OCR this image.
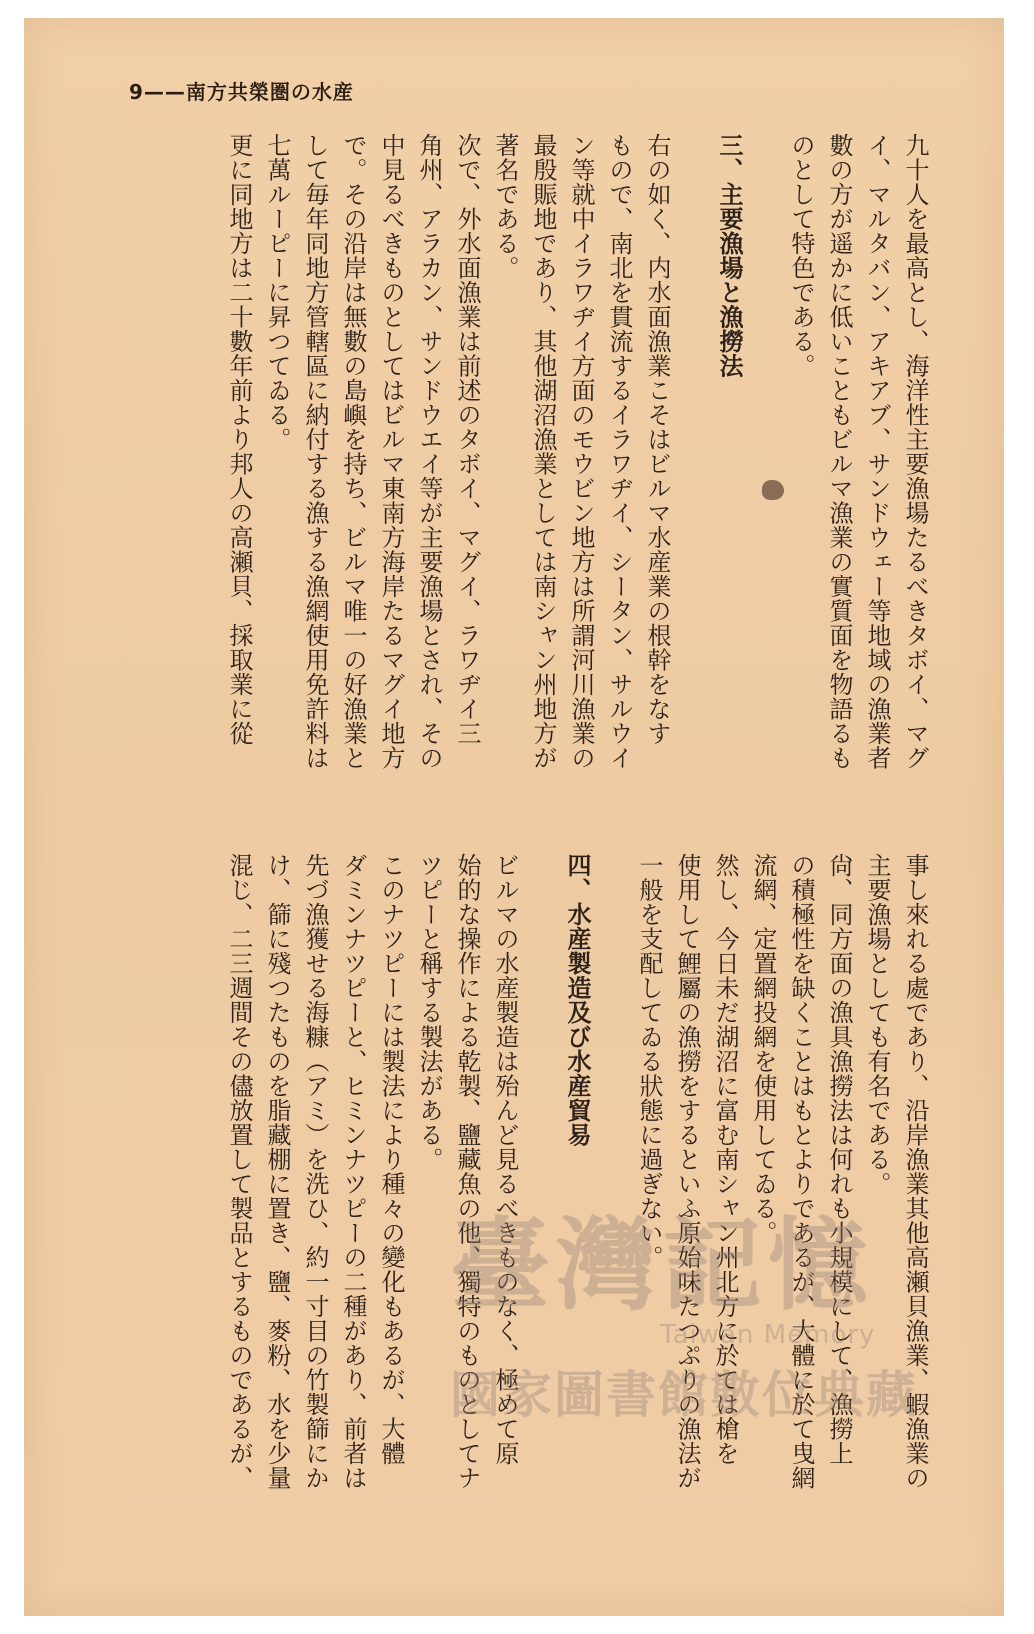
9——南方共榮圏の水産
九十人を最高とし、海洋性主要漁場たるべきタボイ、マグ
イ、マルタバン、アキアブ、サンドウェー等地域の漁業者
數の方が遥かに低いこともビルマ漁業の實質面を物語るも
のとして特色である。
三、主要漁場と漁撈法
右の如く、内水面漁業こそはビルマ水産業の根幹をなす
もので、南北を貫流するイラワヂイ、シータン、サルウイ
ン等就中イラワヂイ方面のモウビン地方は所謂河川漁業の
最殷賑地であり、其他湖沼漁業としては南シャン州地方が
著名である。
次で、外水面漁業は前述のタボイ、マグイ、ラワヂイ三
角州、アラカン、サンドウエイ等が主要漁場とされ、その
中見るべきものとしてはビルマ東南方海岸たるマグイ地方
で。その沿岸は無數の島嶼を持ち、ビルマ唯一の好漁業と
して毎年同地方管轄區に納付する漁する漁網使用免許料は
七萬ルーピーに昇つてゐる。
更に同地方は二十數年前より邦人の高瀬貝、採取業に從
事し來れる處であり、沿岸漁業其他高瀬貝漁業、蝦漁業の
主要漁場としても有名である。
尙、同方面の漁具漁撈法は何れも小規模にして、漁撈上
の積極性を缺くことはもとよりであるが、大體に於て曳網
流網、定置網投網を使用してゐる。
然し、今日未だ湖沼に富む南シャン州北方に於ては槍を
使用して鯉屬の漁撈をするといふ原始味たつぷりの漁法が
一般を支配してゐる狀態に過ぎない。
四、水産製造及び水産貿易
ビルマの水産製造は殆んど見るべきものなく、極めて原
始的な操作による乾製、鹽藏魚の他、獨特のものとしてナ
ツピーと稱する製法がある。
このナツピーには製法により種々の變化もあるが、大體
ダミンナツピーと、ヒミンナツピーの二種があり、前者は
先づ漁獲せる海糠（アミ）を洗ひ、約一寸目の竹製篩にか
け、篩に殘つたものを脂藏棚に置き、鹽、麥粉、水を少量
混じ、二三週間その儘放置して製品とするものであるが、 臺灣記憶
Taiwan Memory
國家圖書館數位典藏
